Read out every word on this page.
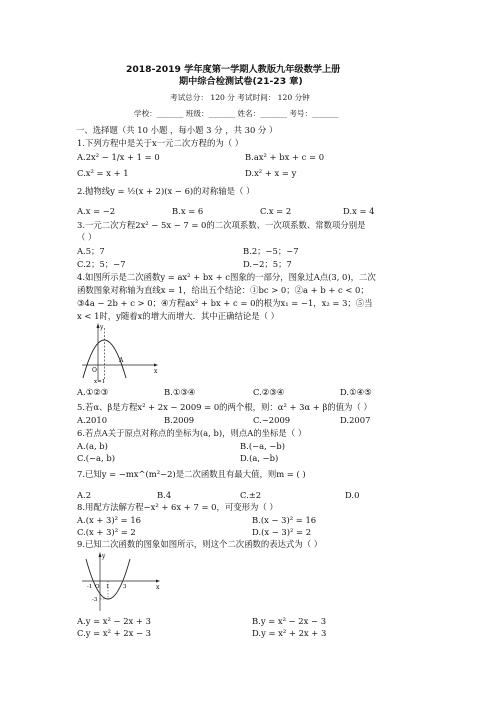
2018-2019 学年度第一学期人教版九年级数学上册
期中综合检测试卷(21-23 章)
考试总分： 120 分 考试时间： 120 分钟
学校：_______ 班级：_______ 姓名：_______ 考号：_______
一、选择题（共 10 小题 ，每小题 3 分 ，共 30 分 ）
1.下列方程中是关于x一元二次方程的为（ ）
A.2x² − 1/x + 1 = 0	B.ax² + bx + c = 0
C.x² = x + 1	D.x² + x = y
2.抛物线y = ½(x + 2)(x − 6)的对称轴是（ ）
A.x = −2	B.x = 6	C.x = 2	D.x = 4
3.一元二次方程2x² − 5x − 7 = 0的二次项系数、一次项系数、常数项分别是
（ ）
A.5；7	B.2；−5；−7
C.2；5；−7	D.−2；5；7
4.如图所示是二次函数y = ax² + bx + c图象的一部分，图象过A点(3, 0)，二次
函数图象对称轴为直线x = 1，给出五个结论：①bc > 0；②a + b + c < 0；
③4a − 2b + c > 0；④方程ax² + bx + c = 0的根为x₁ = −1，x₂ = 3；⑤当
x < 1时，y随着x的增大而增大．其中正确结论是（ ）
y
x
O
A
x=1
A.①②③	B.①③④	C.②③④	D.①④⑤
5.若α、β是方程x² + 2x − 2009 = 0的两个根，则：α² + 3α + β的值为（ ）
A.2010	B.2009	C.−2009	D.2007
6.若点A关于原点对称点的坐标为(a, b)，则点A的坐标是（ ）
A.(a, b)	B.(−a, −b)
C.(−a, b)	D.(a, −b)
7.已知y = −mx^(m²−2)是二次函数且有最大值，则m = ( )
A.2	B.4	C.±2	D.0
8.用配方法解方程−x² + 6x + 7 = 0，可变形为（ ）
A.(x + 3)² = 16	B.(x − 3)² = 16
C.(x + 3)² = 2	D.(x − 3)² = 2
9.已知二次函数的图象如图所示，则这个二次函数的表达式为（ ）
y
x
O
-1	3
1
-3
A.y = x² − 2x + 3	B.y = x² − 2x − 3
C.y = x² + 2x − 3	D.y = x² + 2x + 3
